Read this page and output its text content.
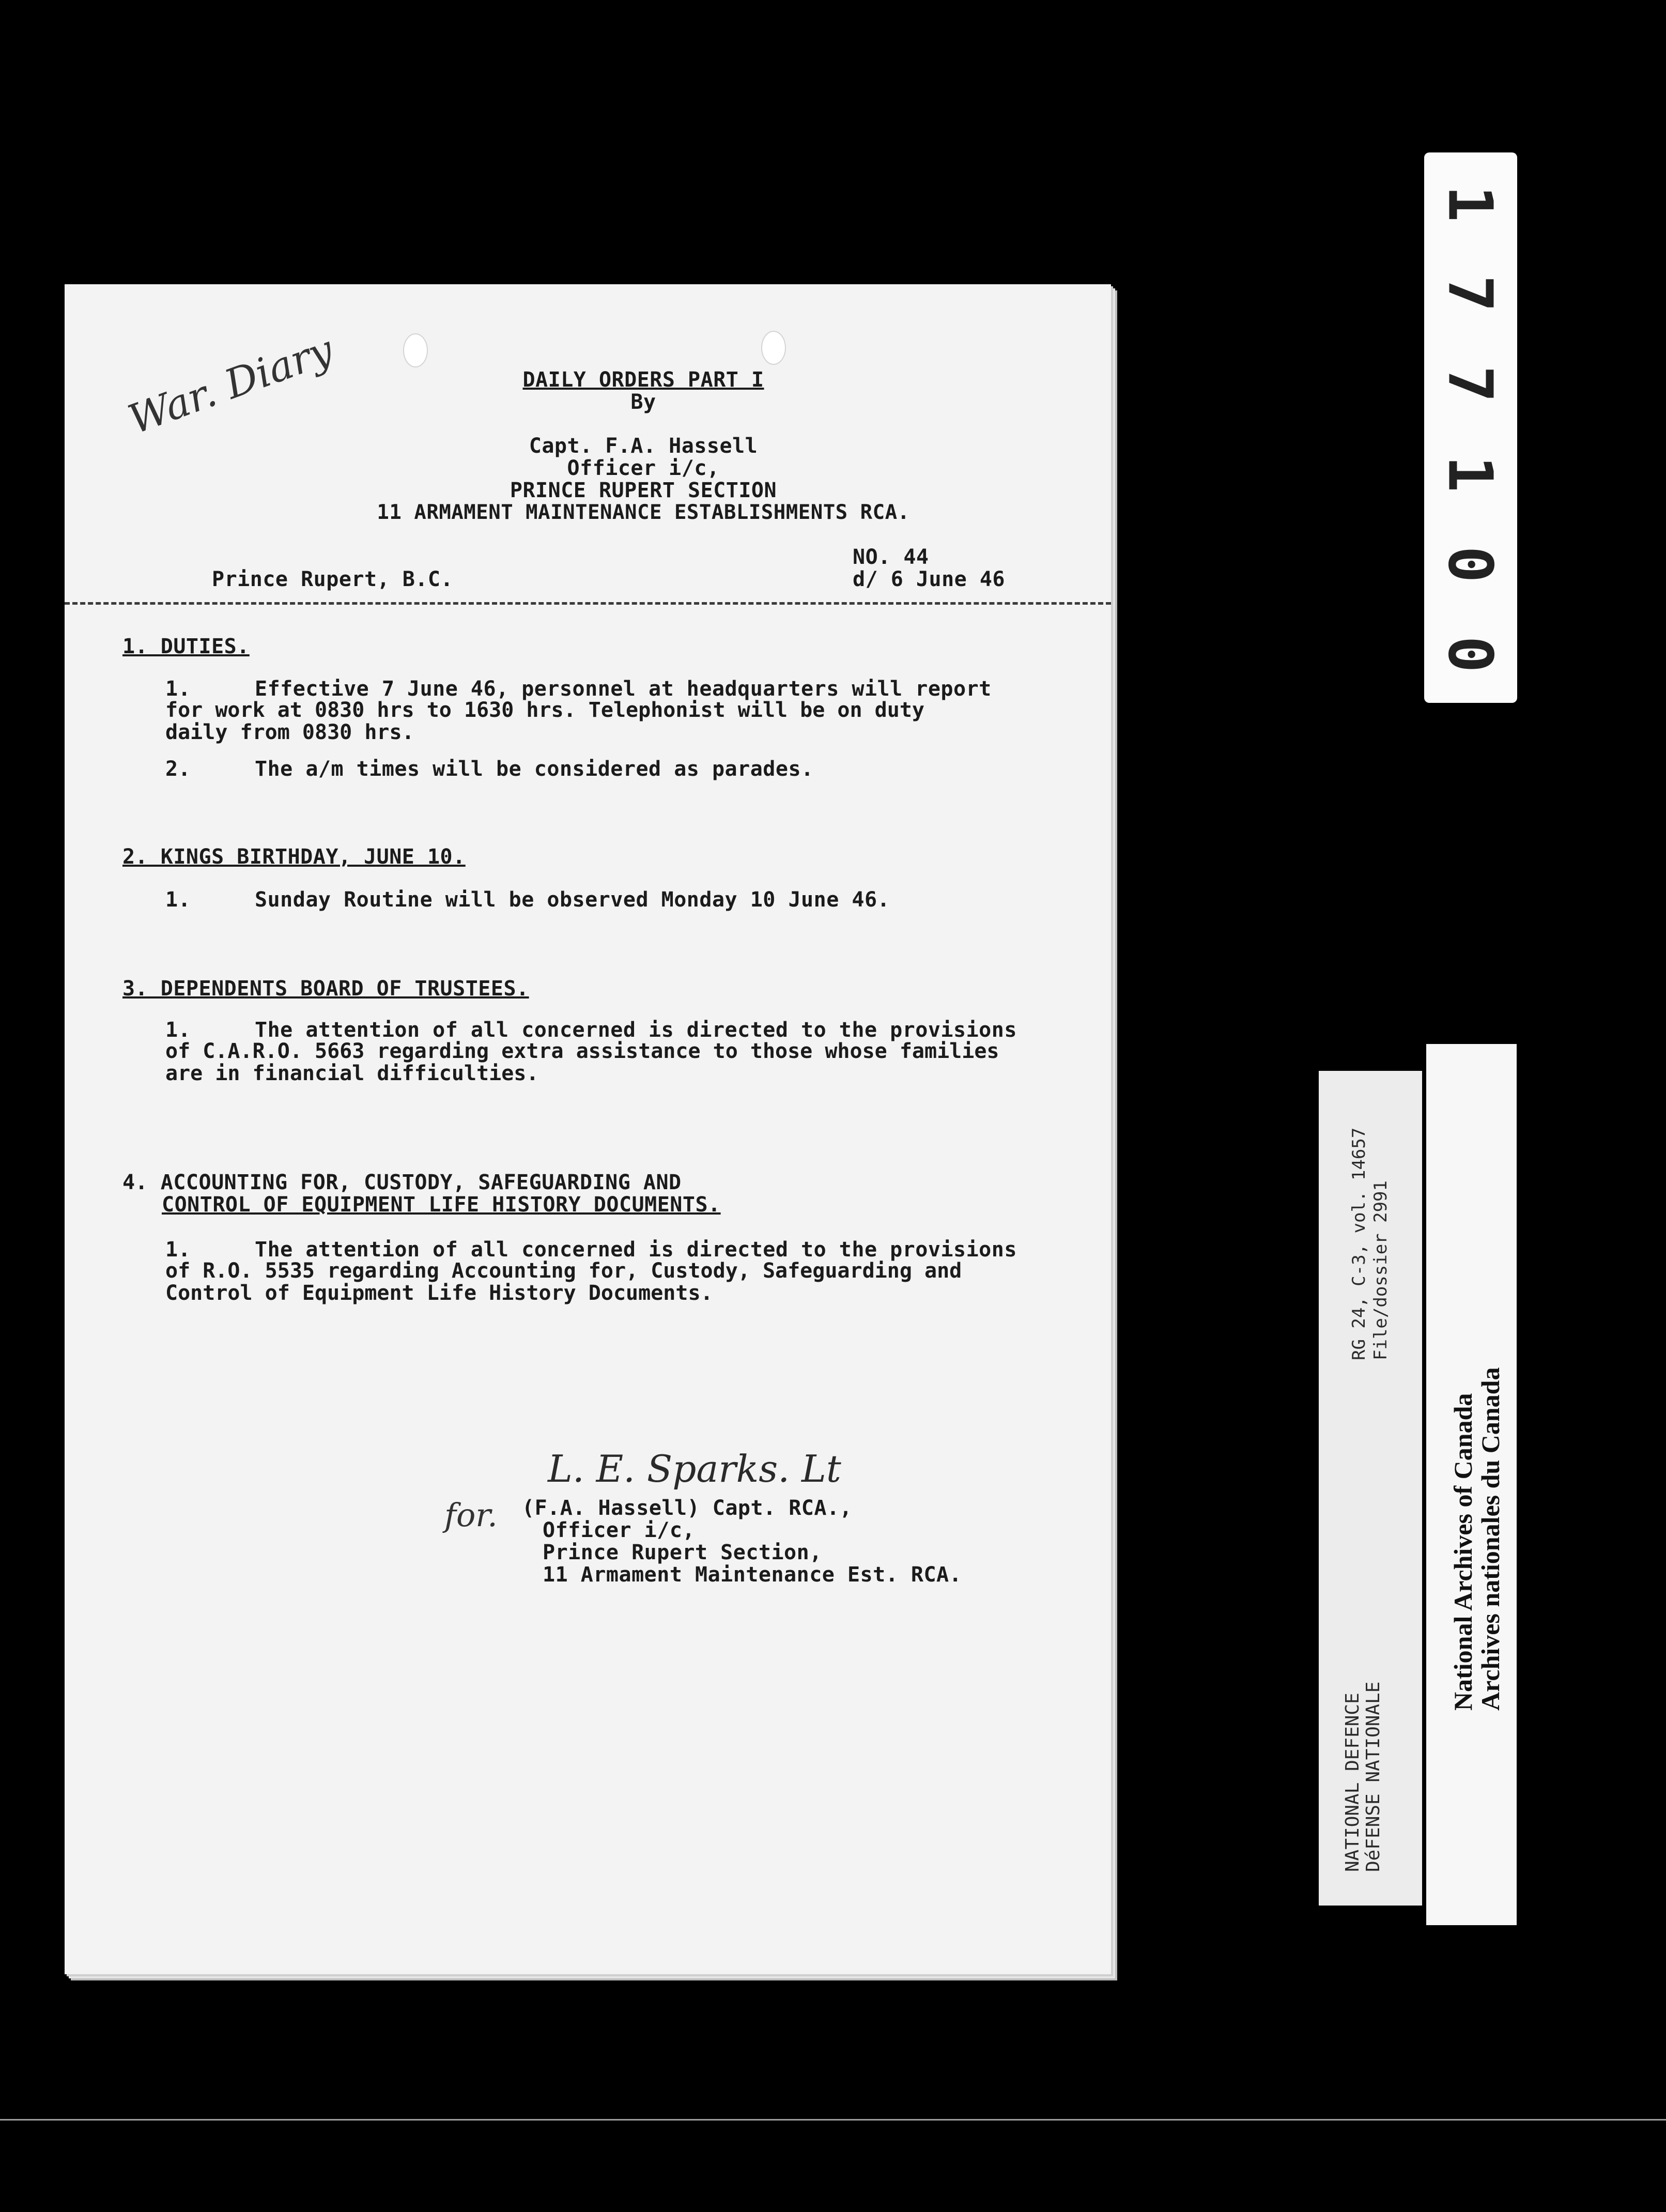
War. Diary	DAILY ORDERS PART I
By
Capt. F.A. Hassell
Officer i/c,
PRINCE RUPERT SECTION
11 ARMAMENT MAINTENANCE ESTABLISHMENTS RCA.
NO. 44
Prince Rupert, B.C.	d/ 6 June 46
1. DUTIES.
1.	Effective 7 June 46, personnel at headquarters will report
for work at 0830 hrs to 1630 hrs. Telephonist will be on duty
daily from 0830 hrs.
2.	The a/m times will be considered as parades.
2. KINGS BIRTHDAY, JUNE 10.
1.	Sunday Routine will be observed Monday 10 June 46.
3. DEPENDENTS BOARD OF TRUSTEES.
1.	The attention of all concerned is directed to the provisions
of C.A.R.O. 5663 regarding extra assistance to those whose families
are in financial difficulties.
4. ACCOUNTING FOR, CUSTODY, SAFEGUARDING AND
CONTROL OF EQUIPMENT LIFE HISTORY DOCUMENTS.
1.	The attention of all concerned is directed to the provisions
of R.O. 5535 regarding Accounting for, Custody, Safeguarding and
Control of Equipment Life History Documents.
L. E. Sparks. Lt
for. (F.A. Hassell) Capt. RCA.,
Officer i/c,
Prince Rupert Section,
11 Armament Maintenance Est. RCA.
1
7
7
1
0
0
RG 24, C-3, vol. 14657 File/dossier 2991
NATIONAL DEFENCE DéFENSE NATIONALE
National Archives of Canada
Archives nationales du Canada
